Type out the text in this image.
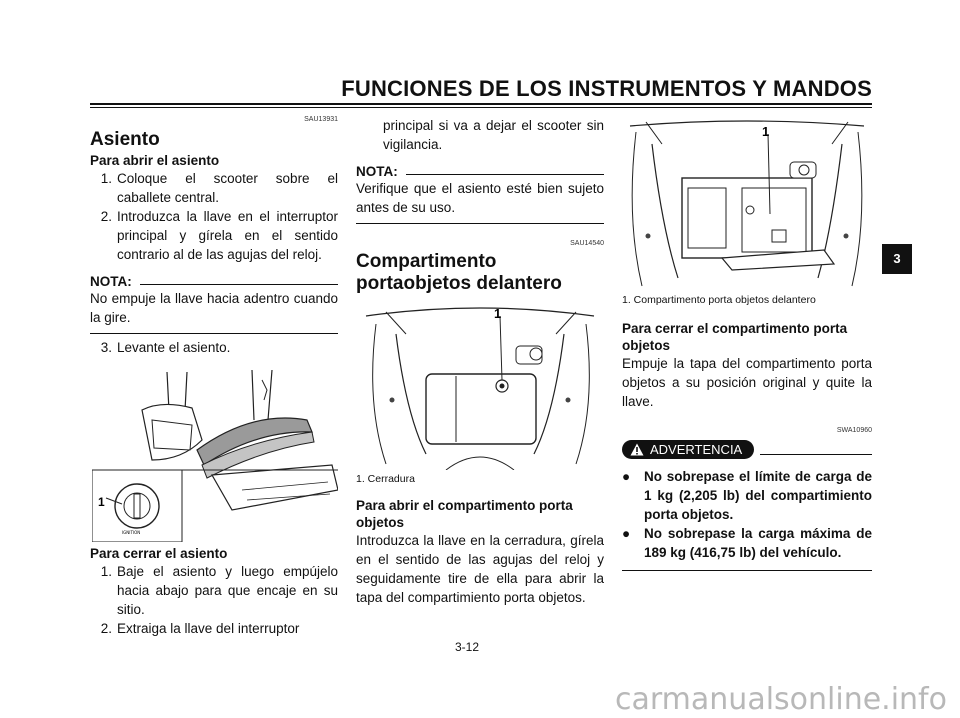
FUNCIONES DE LOS INSTRUMENTOS Y MANDOS
3
SAU13931
Asiento
Para abrir el asiento
1. Coloque el scooter sobre el caballete central.
2. Introduzca la llave en el interruptor principal y gírela en el sentido contrario al de las agujas del reloj.
NOTA:
No empuje la llave hacia adentro cuando la gire.
3. Levante el asiento.
IGNITION
1
Para cerrar el asiento
1. Baje el asiento y luego empújelo hacia abajo para que encaje en su sitio.
2. Extraiga la llave del interruptor
principal si va a dejar el scooter sin vigilancia.
NOTA:
Verifique que el asiento esté bien sujeto antes de su uso.
SAU14540
Compartimento portaobjetos delantero
1
1. Cerradura
Para abrir el compartimento porta objetos
Introduzca la llave en la cerradura, gírela en el sentido de las agujas del reloj y seguidamente tire de ella para abrir la tapa del compartimiento porta objetos.
1
1. Compartimento porta objetos delantero
Para cerrar el compartimento porta objetos
Empuje la tapa del compartimento porta objetos a su posición original y quite la llave.
SWA10960
ADVERTENCIA
●	No sobrepase el límite de carga de 1 kg (2,205 lb) del compartimiento porta objetos.
●	No sobrepase la carga máxima de 189 kg (416,75 lb) del vehículo.
3-12
carmanualsonline.info
